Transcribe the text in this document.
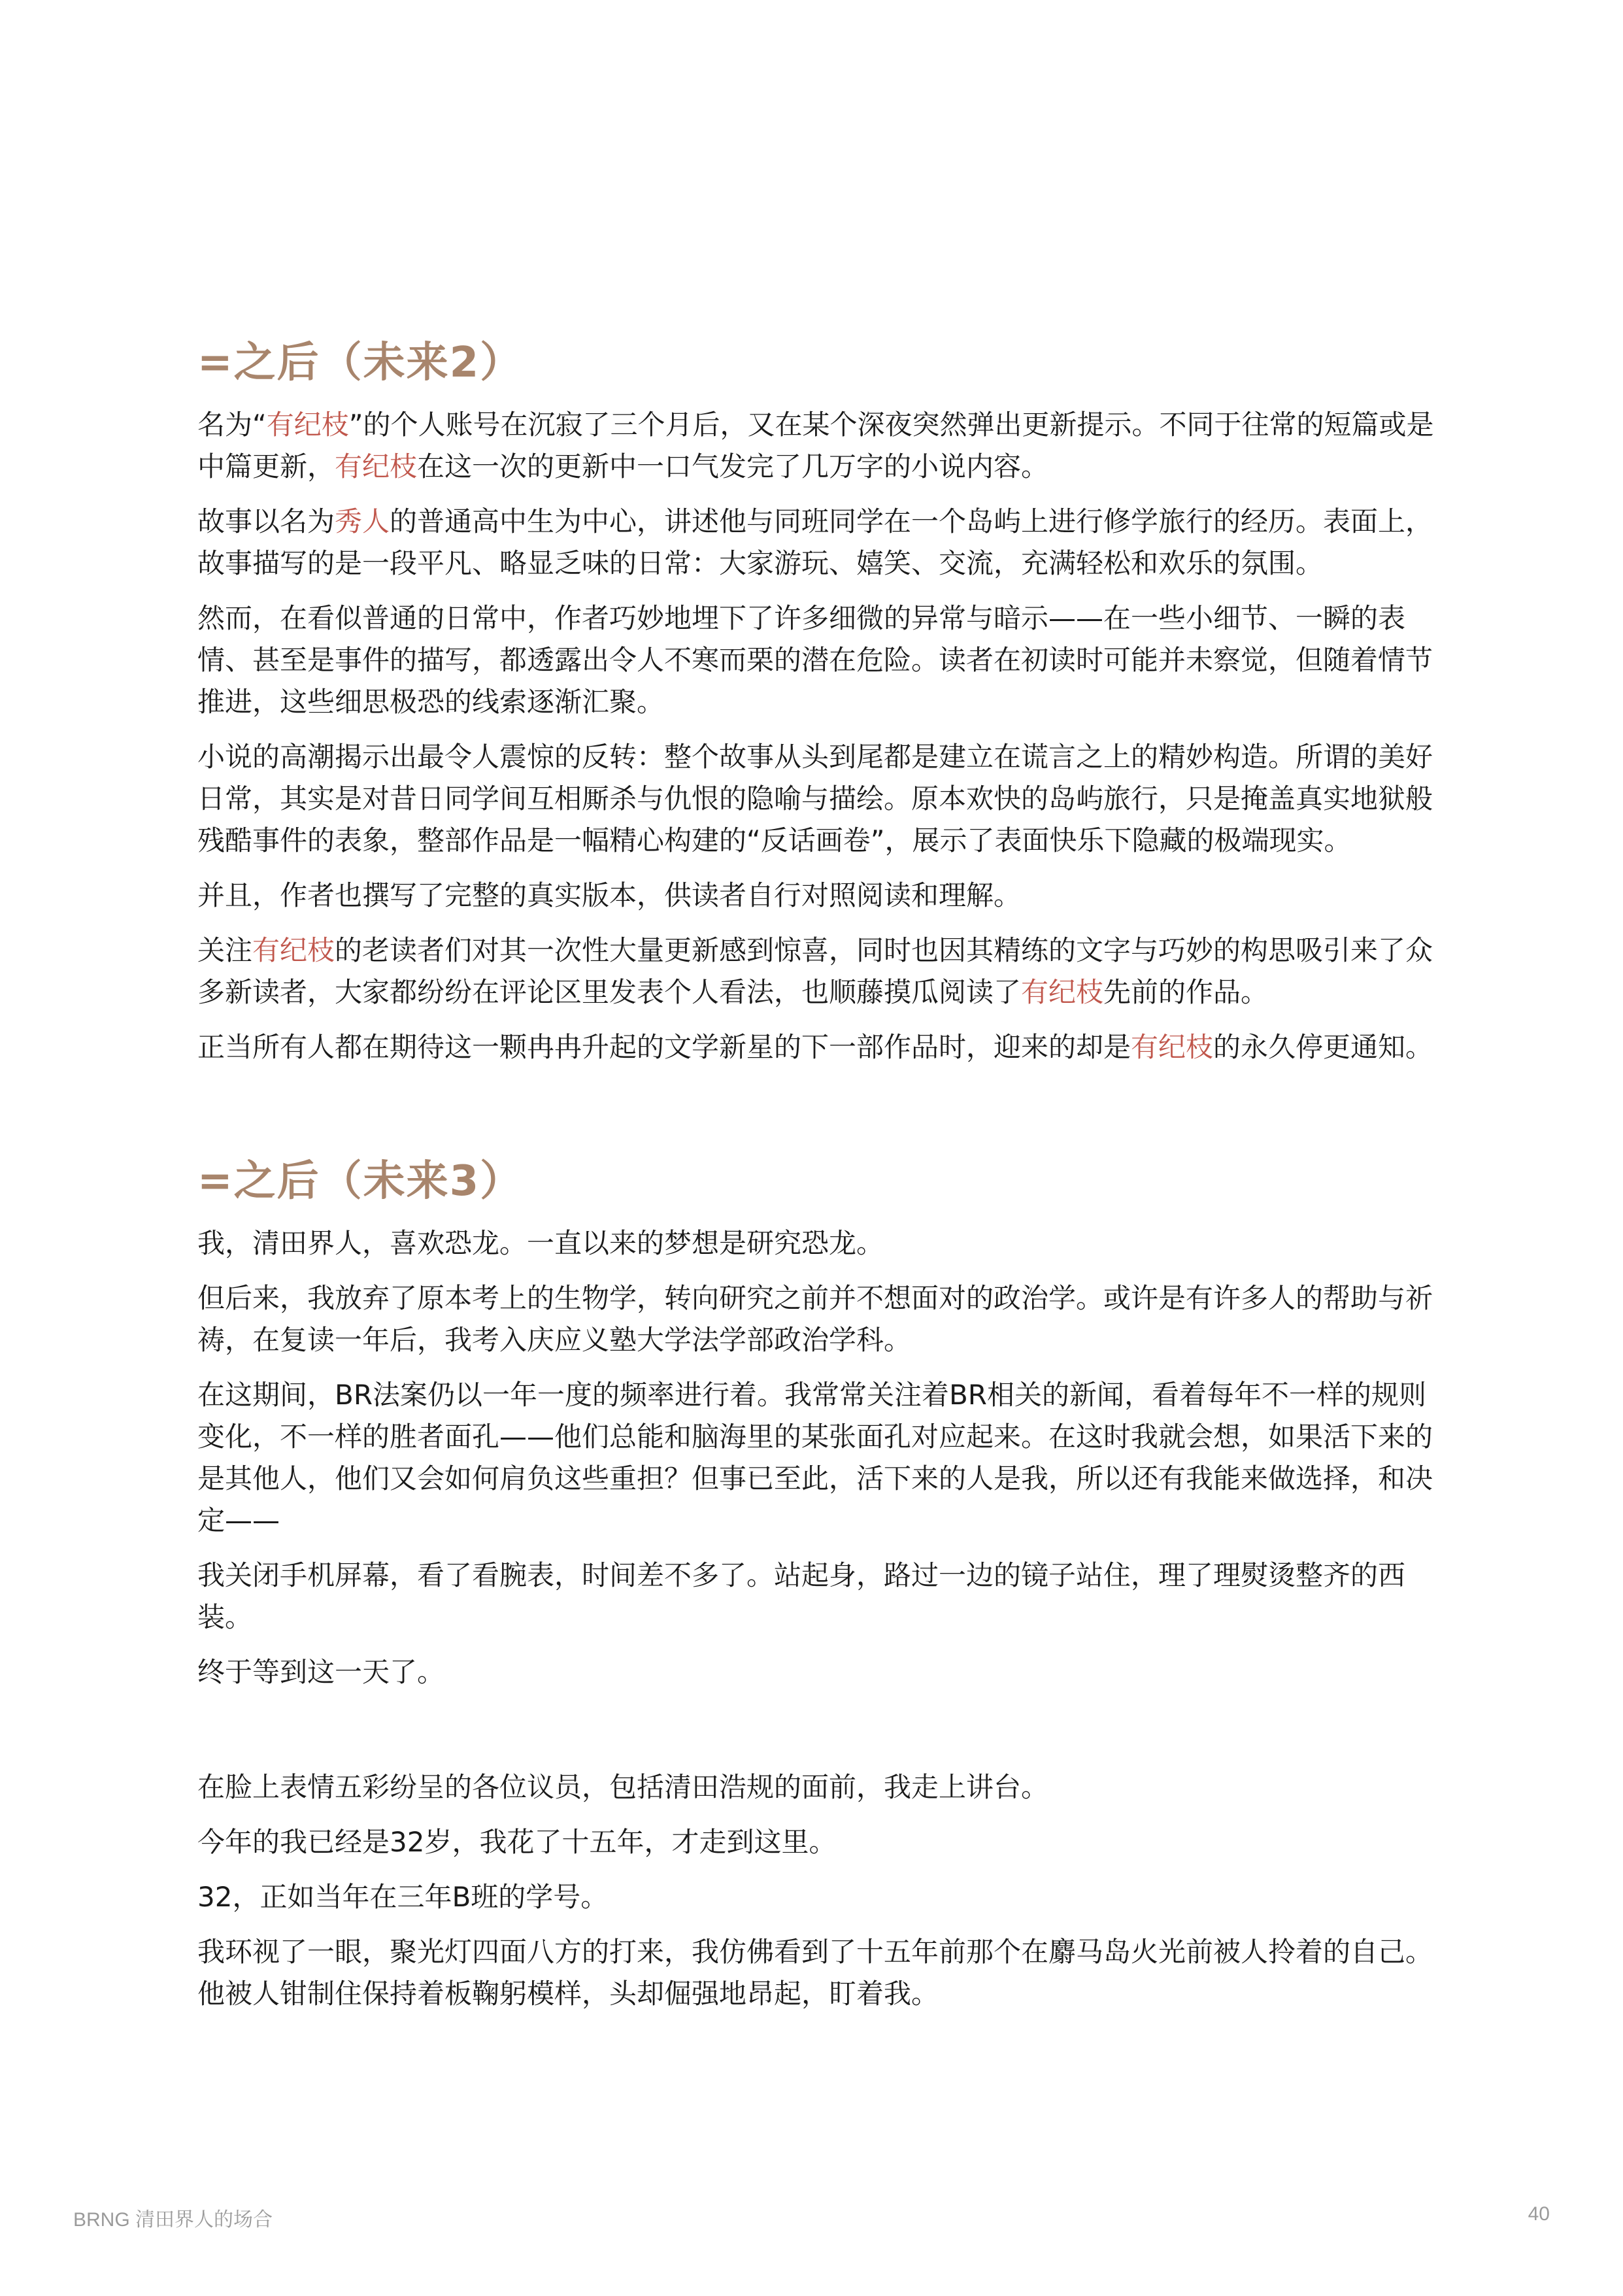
=之后（未来2）

名为“有纪枝”的个人账号在沉寂了三个月后，又在某个深夜突然弹出更新提示。不同于往常的短篇或是中篇更新，有纪枝在这一次的更新中一口气发完了几万字的小说内容。

故事以名为秀人的普通高中生为中心，讲述他与同班同学在一个岛屿上进行修学旅行的经历。表面上，故事描写的是一段平凡、略显乏味的日常：大家游玩、嬉笑、交流，充满轻松和欢乐的氛围。

然而，在看似普通的日常中，作者巧妙地埋下了许多细微的异常与暗示——在一些小细节、一瞬的表情、甚至是事件的描写，都透露出令人不寒而栗的潜在危险。读者在初读时可能并未察觉，但随着情节推进，这些细思极恐的线索逐渐汇聚。

小说的高潮揭示出最令人震惊的反转：整个故事从头到尾都是建立在谎言之上的精妙构造。所谓的美好日常，其实是对昔日同学间互相厮杀与仇恨的隐喻与描绘。原本欢快的岛屿旅行，只是掩盖真实地狱般残酷事件的表象，整部作品是一幅精心构建的“反话画卷”，展示了表面快乐下隐藏的极端现实。

并且，作者也撰写了完整的真实版本，供读者自行对照阅读和理解。

关注有纪枝的老读者们对其一次性大量更新感到惊喜，同时也因其精练的文字与巧妙的构思吸引来了众多新读者，大家都纷纷在评论区里发表个人看法，也顺藤摸瓜阅读了有纪枝先前的作品。

正当所有人都在期待这一颗冉冉升起的文学新星的下一部作品时，迎来的却是有纪枝的永久停更通知。

=之后（未来3）

我，清田界人，喜欢恐龙。一直以来的梦想是研究恐龙。

但后来，我放弃了原本考上的生物学，转向研究之前并不想面对的政治学。或许是有许多人的帮助与祈祷，在复读一年后，我考入庆应义塾大学法学部政治学科。

在这期间，BR法案仍以一年一度的频率进行着。我常常关注着BR相关的新闻，看着每年不一样的规则变化，不一样的胜者面孔——他们总能和脑海里的某张面孔对应起来。在这时我就会想，如果活下来的是其他人，他们又会如何肩负这些重担？但事已至此，活下来的人是我，所以还有我能来做选择，和决定——

我关闭手机屏幕，看了看腕表，时间差不多了。站起身，路过一边的镜子站住，理了理熨烫整齐的西装。

终于等到这一天了。

在脸上表情五彩纷呈的各位议员，包括清田浩规的面前，我走上讲台。

今年的我已经是32岁，我花了十五年，才走到这里。

32，正如当年在三年B班的学号。

我环视了一眼，聚光灯四面八方的打来，我仿佛看到了十五年前那个在麝马岛火光前被人拎着的自己。他被人钳制住保持着板鞠躬模样，头却倔强地昂起，盯着我。

BRNG 清田界人的场合	40
